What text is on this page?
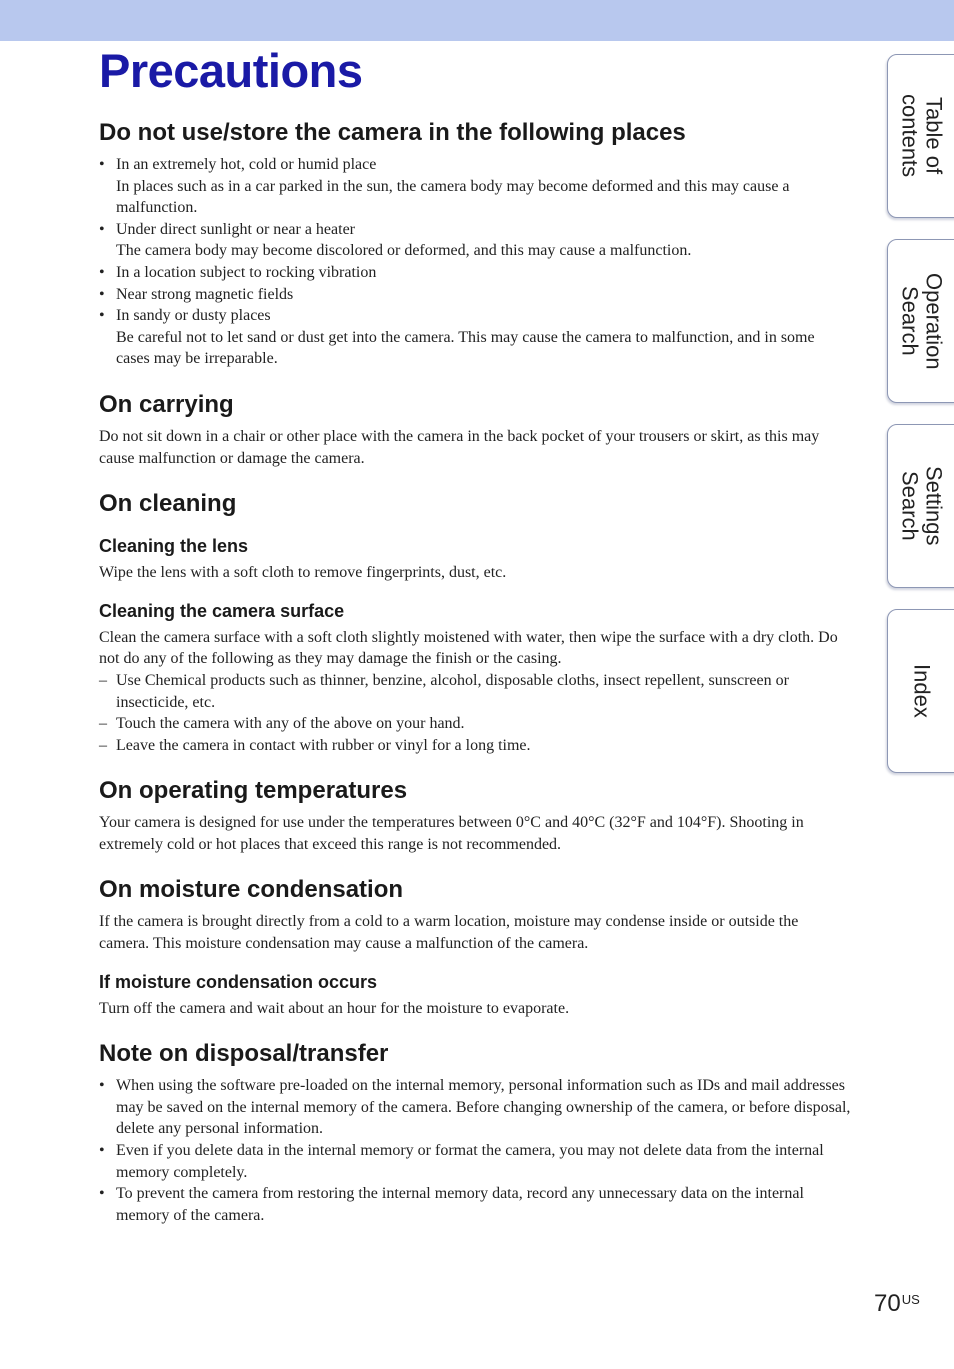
Precautions
Do not use/store the camera in the following places
• In an extremely hot, cold or humid place
In places such as in a car parked in the sun, the camera body may become deformed and this may cause a malfunction.
• Under direct sunlight or near a heater
The camera body may become discolored or deformed, and this may cause a malfunction.
• In a location subject to rocking vibration
• Near strong magnetic fields
• In sandy or dusty places
Be careful not to let sand or dust get into the camera. This may cause the camera to malfunction, and in some cases may be irreparable.
On carrying

Do not sit down in a chair or other place with the camera in the back pocket of your trousers or skirt, as this may cause malfunction or damage the camera.

On cleaning
Cleaning the lens

Wipe the lens with a soft cloth to remove fingerprints, dust, etc.

Cleaning the camera surface

Clean the camera surface with a soft cloth slightly moistened with water, then wipe the surface with a dry cloth. Do not do any of the following as they may damage the finish or the casing.

– Use Chemical products such as thinner, benzine, alcohol, disposable cloths, insect repellent, sunscreen or insecticide, etc.
– Touch the camera with any of the above on your hand.
– Leave the camera in contact with rubber or vinyl for a long time.
On operating temperatures

Your camera is designed for use under the temperatures between 0°C and 40°C (32°F and 104°F). Shooting in extremely cold or hot places that exceed this range is not recommended.

On moisture condensation

If the camera is brought directly from a cold to a warm location, moisture may condense inside or outside the camera. This moisture condensation may cause a malfunction of the camera.

If moisture condensation occurs

Turn off the camera and wait about an hour for the moisture to evaporate.

Note on disposal/transfer
• When using the software pre-loaded on the internal memory, personal information such as IDs and mail addresses may be saved on the internal memory of the camera. Before changing ownership of the camera, or before disposal, delete any personal information.
• Even if you delete data in the internal memory or format the camera, you may not delete data from the internal memory completely.
• To prevent the camera from restoring the internal memory data, record any unnecessary data on the internal memory of the camera.
Table of
contents
Operation
Search
Settings
Search
Index
$70^{US}$
